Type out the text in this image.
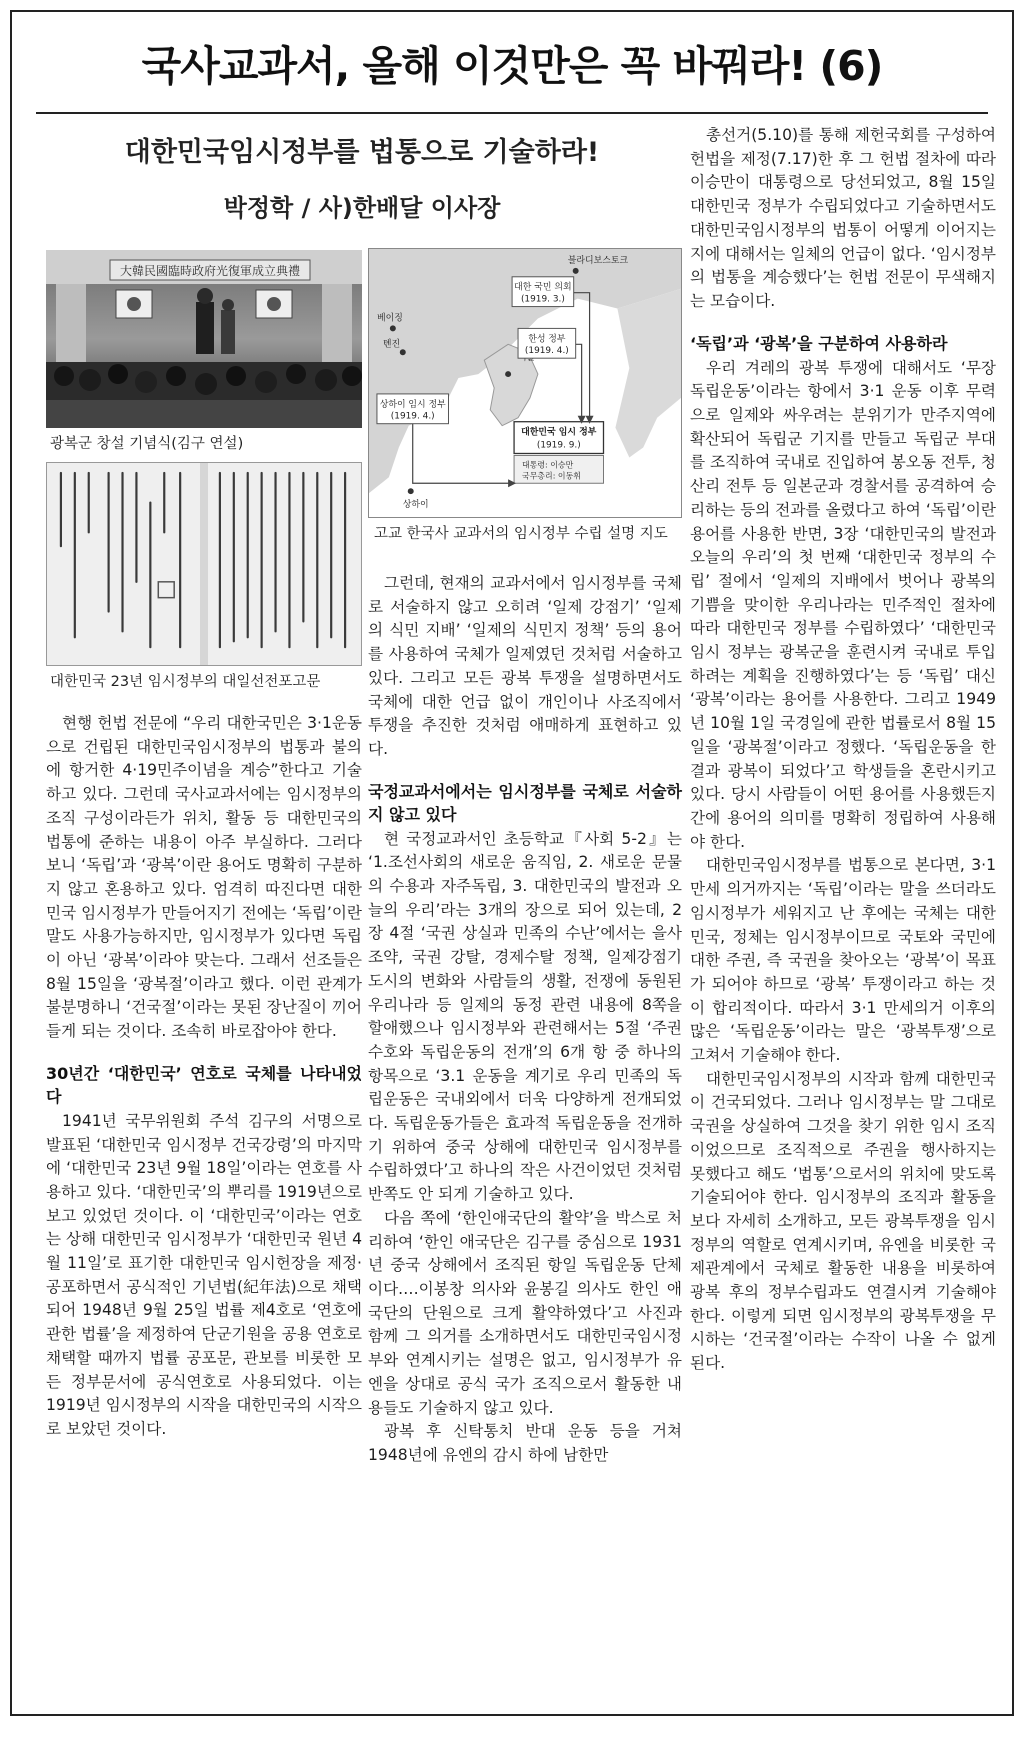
국사교과서, 올해 이것만은 꼭 바꿔라! (6)
대한민국임시정부를 법통으로 기술하라!
박정학 / 사)한배달 이사장
大韓民國臨時政府光復軍成立典禮
광복군 창설 기념식(김구 연설)
대한민국 23년 임시정부의 대일선전포고문
블라디보스토크
베이징
톈진
상하이
대한 국민 의회
(1919. 3.)
한성 정부
(1919. 4.)
상하이 임시 정부
(1919. 4.)
대한민국 임시 정부
(1919. 9.)
대통령: 이승만
국무총리: 이동휘
고교 한국사 교과서의 임시정부 수립 설명 지도

현행 헌법 전문에 “우리 대한국민은 3·1운동으로 건립된 대한민국임시정부의 법통과 불의에 항거한 4·19민주이념을 계승”한다고 기술하고 있다. 그런데 국사교과서에는 임시정부의 조직 구성이라든가 위치, 활동 등 대한민국의 법통에 준하는 내용이 아주 부실하다. 그러다 보니 ‘독립’과 ‘광복’이란 용어도 명확히 구분하지 않고 혼용하고 있다. 엄격히 따진다면 대한민국 임시정부가 만들어지기 전에는 ‘독립’이란 말도 사용가능하지만, 임시정부가 있다면 독립이 아닌 ‘광복’이라야 맞는다. 그래서 선조들은 8월 15일을 ‘광복절’이라고 했다. 이런 관계가 불분명하니 ‘건국절’이라는 못된 장난질이 끼어들게 되는 것이다. 조속히 바로잡아야 한다.

30년간 ‘대한민국’ 연호로 국체를 나타내었다

1941년 국무위원회 주석 김구의 서명으로 발표된 ‘대한민국 임시정부 건국강령’의 마지막에 ‘대한민국 23년 9월 18일’이라는 연호를 사용하고 있다. ‘대한민국’의 뿌리를 1919년으로 보고 있었던 것이다. 이 ‘대한민국’이라는 연호는 상해 대한민국 임시정부가 ‘대한민국 원년 4월 11일’로 표기한 대한민국 임시헌장을 제정·공포하면서 공식적인 기년법(紀年法)으로 채택되어 1948년 9월 25일 법률 제4호로 ‘연호에 관한 법률’을 제정하여 단군기원을 공용 연호로 채택할 때까지 법률 공포문, 관보를 비롯한 모든 정부문서에 공식연호로 사용되었다. 이는 1919년 임시정부의 시작을 대한민국의 시작으로 보았던 것이다.

그런데, 현재의 교과서에서 임시정부를 국체로 서술하지 않고 오히려 ‘일제 강점기’ ‘일제의 식민 지배’ ‘일제의 식민지 정책’ 등의 용어를 사용하여 국체가 일제였던 것처럼 서술하고 있다. 그리고 모든 광복 투쟁을 설명하면서도 국체에 대한 언급 없이 개인이나 사조직에서 투쟁을 추진한 것처럼 애매하게 표현하고 있다.

국정교과서에서는 임시정부를 국체로 서술하지 않고 있다

현 국정교과서인 초등학교『사회 5-2』는 ‘1.조선사회의 새로운 움직임, 2. 새로운 문물의 수용과 자주독립, 3. 대한민국의 발전과 오늘의 우리’라는 3개의 장으로 되어 있는데, 2장 4절 ‘국권 상실과 민족의 수난’에서는 을사조약, 국권 강탈, 경제수탈 정책, 일제강점기 도시의 변화와 사람들의 생활, 전쟁에 동원된 우리나라 등 일제의 동정 관련 내용에 8쪽을 할애했으나 임시정부와 관련해서는 5절 ‘주권수호와 독립운동의 전개’의 6개 항 중 하나의 항목으로 ‘3.1 운동을 계기로 우리 민족의 독립운동은 국내외에서 더욱 다양하게 전개되었다. 독립운동가들은 효과적 독립운동을 전개하기 위하여 중국 상해에 대한민국 임시정부를 수립하였다’고 하나의 작은 사건이었던 것처럼 반쪽도 안 되게 기술하고 있다.

다음 쪽에 ‘한인애국단의 활약’을 박스로 처리하여 ‘한인 애국단은 김구를 중심으로 1931년 중국 상해에서 조직된 항일 독립운동 단체이다.…이봉창 의사와 윤봉길 의사도 한인 애국단의 단원으로 크게 활약하였다’고 사진과 함께 그 의거를 소개하면서도 대한민국임시정부와 연계시키는 설명은 없고, 임시정부가 유엔을 상대로 공식 국가 조직으로서 활동한 내용들도 기술하지 않고 있다.

광복 후 신탁통치 반대 운동 등을 거쳐 1948년에 유엔의 감시 하에 남한만

총선거(5.10)를 통해 제헌국회를 구성하여 헌법을 제정(7.17)한 후 그 헌법 절차에 따라 이승만이 대통령으로 당선되었고, 8월 15일 대한민국 정부가 수립되었다고 기술하면서도 대한민국임시정부의 법통이 어떻게 이어지는지에 대해서는 일체의 언급이 없다. ‘임시정부의 법통을 계승했다’는 헌법 전문이 무색해지는 모습이다.

‘독립’과 ‘광복’을 구분하여 사용하라

우리 겨레의 광복 투쟁에 대해서도 ‘무장 독립운동’이라는 항에서 3·1 운동 이후 무력으로 일제와 싸우려는 분위기가 만주지역에 확산되어 독립군 기지를 만들고 독립군 부대를 조직하여 국내로 진입하여 봉오동 전투, 청산리 전투 등 일본군과 경찰서를 공격하여 승리하는 등의 전과를 올렸다고 하여 ‘독립’이란 용어를 사용한 반면, 3장 ‘대한민국의 발전과 오늘의 우리’의 첫 번째 ‘대한민국 정부의 수립’ 절에서 ‘일제의 지배에서 벗어나 광복의 기쁨을 맞이한 우리나라는 민주적인 절차에 따라 대한민국 정부를 수립하였다’ ‘대한민국 임시 정부는 광복군을 훈련시켜 국내로 투입하려는 계획을 진행하였다’는 등 ‘독립’ 대신 ‘광복’이라는 용어를 사용한다. 그리고 1949년 10월 1일 국경일에 관한 법률로서 8월 15일을 ‘광복절’이라고 정했다. ‘독립운동을 한 결과 광복이 되었다’고 학생들을 혼란시키고 있다. 당시 사람들이 어떤 용어를 사용했든지 간에 용어의 의미를 명확히 정립하여 사용해야 한다.

대한민국임시정부를 법통으로 본다면, 3·1 만세 의거까지는 ‘독립’이라는 말을 쓰더라도 임시정부가 세워지고 난 후에는 국체는 대한민국, 정체는 임시정부이므로 국토와 국민에 대한 주권, 즉 국권을 찾아오는 ‘광복’이 목표가 되어야 하므로 ‘광복’ 투쟁이라고 하는 것이 합리적이다. 따라서 3·1 만세의거 이후의 많은 ‘독립운동’이라는 말은 ‘광복투쟁’으로 고쳐서 기술해야 한다.

대한민국임시정부의 시작과 함께 대한민국이 건국되었다. 그러나 임시정부는 말 그대로 국권을 상실하여 그것을 찾기 위한 임시 조직이었으므로 조직적으로 주권을 행사하지는 못했다고 해도 ‘법통’으로서의 위치에 맞도록 기술되어야 한다. 임시정부의 조직과 활동을 보다 자세히 소개하고, 모든 광복투쟁을 임시정부의 역할로 연계시키며, 유엔을 비롯한 국제관계에서 국체로 활동한 내용을 비롯하여 광복 후의 정부수립과도 연결시켜 기술해야 한다. 이렇게 되면 임시정부의 광복투쟁을 무시하는 ‘건국절’이라는 수작이 나올 수 없게 된다.
